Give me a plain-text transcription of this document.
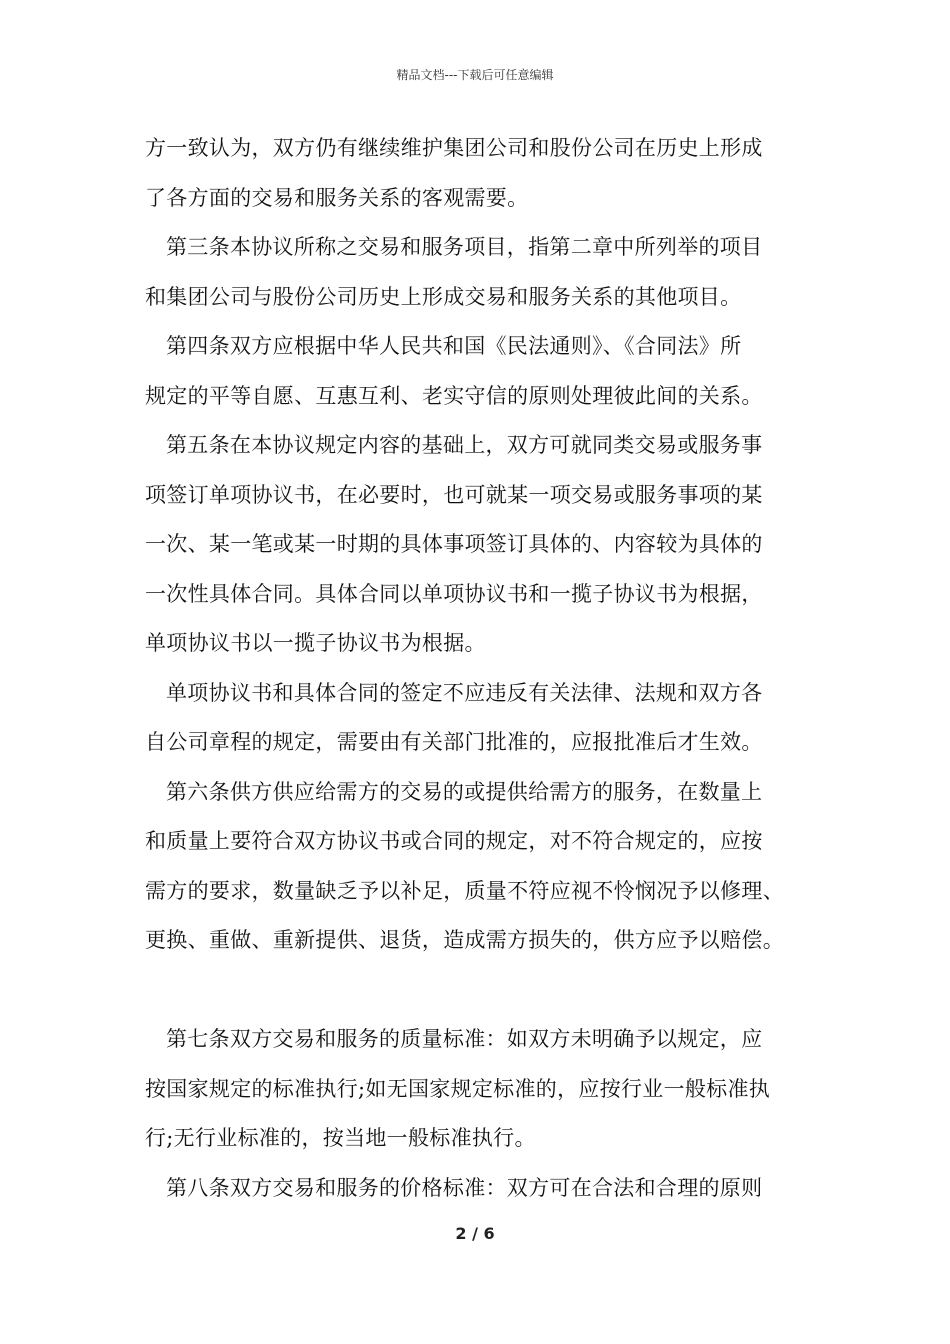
精品文档---下载后可任意编辑
方一致认为，双方仍有继续维护集团公司和股份公司在历史上形成
了各方面的交易和服务关系的客观需要。
第三条本协议所称之交易和服务项目，指第二章中所列举的项目
和集团公司与股份公司历史上形成交易和服务关系的其他项目。
第四条双方应根据中华人民共和国《民法通则》、《合同法》所
规定的平等自愿、互惠互利、老实守信的原则处理彼此间的关系。
第五条在本协议规定内容的基础上，双方可就同类交易或服务事
项签订单项协议书，在必要时，也可就某一项交易或服务事项的某
一次、某一笔或某一时期的具体事项签订具体的、内容较为具体的
一次性具体合同。具体合同以单项协议书和一揽子协议书为根据，
单项协议书以一揽子协议书为根据。
单项协议书和具体合同的签定不应违反有关法律、法规和双方各
自公司章程的规定，需要由有关部门批准的，应报批准后才生效。
第六条供方供应给需方的交易的或提供给需方的服务，在数量上
和质量上要符合双方协议书或合同的规定，对不符合规定的，应按
需方的要求，数量缺乏予以补足，质量不符应视不怜悯况予以修理、
更换、重做、重新提供、退货，造成需方损失的，供方应予以赔偿。
第七条双方交易和服务的质量标准：如双方未明确予以规定，应
按国家规定的标准执行;如无国家规定标准的，应按行业一般标准执
行;无行业标准的，按当地一般标准执行。
第八条双方交易和服务的价格标准：双方可在合法和合理的原则
2 / 6
